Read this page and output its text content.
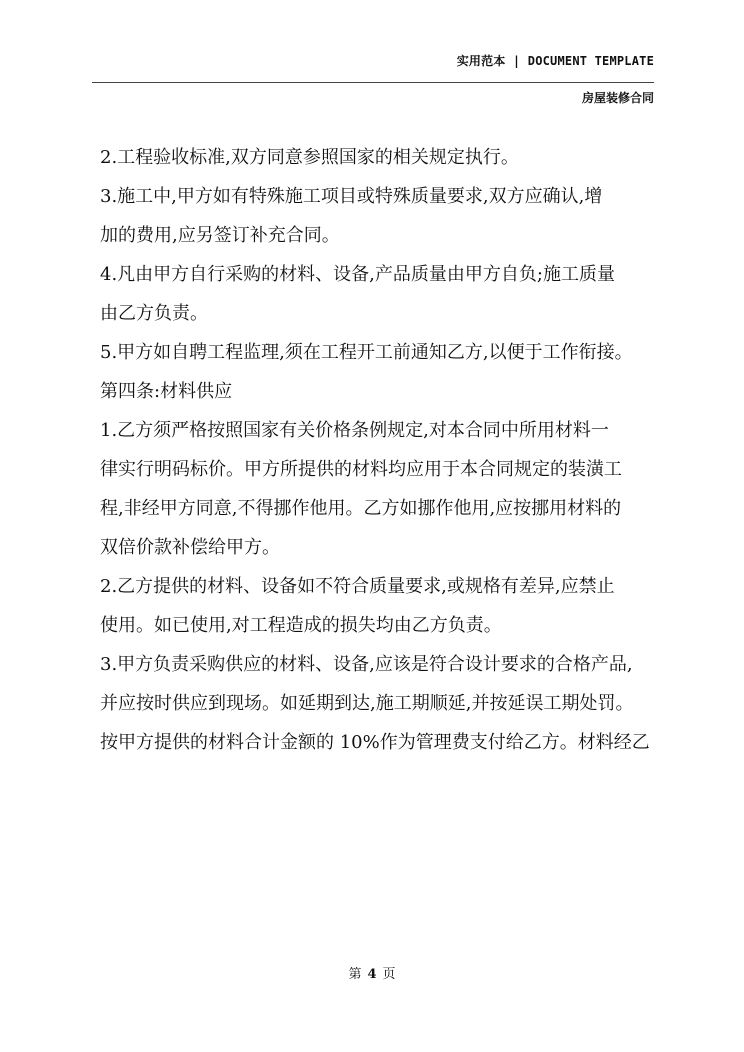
实用范本 | DOCUMENT TEMPLATE
房屋装修合同

2.工程验收标准,双方同意参照国家的相关规定执行。

3.施工中,甲方如有特殊施工项目或特殊质量要求,双方应确认,增

加的费用,应另签订补充合同。

4.凡由甲方自行采购的材料、设备,产品质量由甲方自负;施工质量

由乙方负责。

5.甲方如自聘工程监理,须在工程开工前通知乙方,以便于工作衔接。

第四条:材料供应

1.乙方须严格按照国家有关价格条例规定,对本合同中所用材料一

律实行明码标价。甲方所提供的材料均应用于本合同规定的装潢工

程,非经甲方同意,不得挪作他用。乙方如挪作他用,应按挪用材料的

双倍价款补偿给甲方。

2.乙方提供的材料、设备如不符合质量要求,或规格有差异,应禁止

使用。如已使用,对工程造成的损失均由乙方负责。

3.甲方负责采购供应的材料、设备,应该是符合设计要求的合格产品,

并应按时供应到现场。如延期到达,施工期顺延,并按延误工期处罚。

按甲方提供的材料合计金额的 10%作为管理费支付给乙方。材料经乙

第 4 页
